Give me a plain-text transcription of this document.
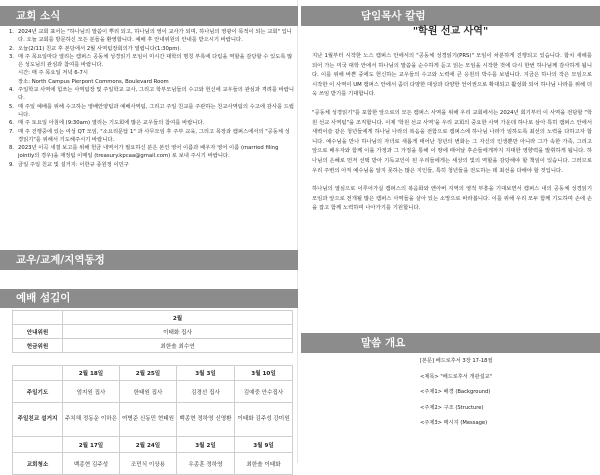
교회 소식
1. 2024년 교회 표어는 "하나님의 말씀이 뿌리 되고, 하나님의 영이 교사가 되며, 하나님의 영광이 목적이 되는 교회" 입니다. 오늘 교회를 방문하신 모든 분들을 환영합니다. 예배 후 안내위원의 안내를 받으시기 바랍니다.
2. 오늘(2/11) 친교 후 본당에서 2월 사역팀장회의가 열립니다(1:30pm).
3. 매 주 목요일마다 열리는 캠퍼스 공동체 성경읽기 모임이 미시간 대학의 명칭 부록에 다림을 역할을 감당할 수 있도록 많은 성도님의 관심과 참여를 바랍니다.
시간: 매 주 목요일 저녁 6-7시
장소: North Campus Pierpont Commons, Boulevard Room
4. 주일학교 사역에 힘쓰는 사역팀장 및 주일학교 교사, 그리고 학부모님들의 수고와 헌신에 교우들의 관심과 격려를 바랍니다.
5. 매 주일 예배를 위해 수고하는 영배안양팀과 예배사역팀, 그리고 주일 친교를 주관하는 친교사역팀의 수고에 감사를 드립니다.
6. 매 주 토요일 아침에 (9:30am) 열리는 기도회에 많은 교우들의 참여를 바랍니다.
7. 매 주 진행중에 있는 여성 QT 모임, "소요리문답 1" 과 사무모임 후 주부 교육, 그리고 목장과 캠퍼스에서의 "공동체 성경읽기"를 위해서 기도해주시기 바랍니다.
8. 2023년 이곡 새결 보고를 위해 헌금 내역서가 필요하신 분은 본인 영어 이름과 배우자 영어 이름 (married filing jointly의 경우)을 재정팀 이메일 (treasury.kpcaa@gmail.com) 로 보내 주시기 바랍니다.
9. 금일 주일 친교 및 설거지: 이한규 종원정 이민구
교우/교계/지역동정
예배 섬김이
	2월			
안내위원	이태화 집사			
헌금위원	최한솔 최수연			

	2월 18일	2월 25일	3월 3일	3월 10일
주일기도	엄지원 집사	한태원 집사	김경선 집사	김예중 안수집사
주일친교 설거지	주치해 정동운 이하은	여병준 신동민 현태원	백종현 정하영 신영환	이태화 김주성 강미원
	2월 17일	2월 24일	3월 2일	3월 9일
교회청소	백종현 김주성	조민식 이상용	우종훈 정하영	최한솔 이태화
담임목사 칼럼
"학원 선교 사역"

지난 1월부터 시작한 노스 캠퍼스 안에서의 "공동체 성경읽기(PRS)" 모임이 차분하게 진행되고 있습니다. 합치 새해를 되어 가는 미국 대학 안에서 하나님의 말씀을 순수하게 듣고 읽는 모임을 시작한 것에 다시 한번 하나님께 감사하게 됩니다. 이를 위해 바쁜 중에도 헌신하는 교우들의 수고와 노력에 큰 응원의 박수를 보냅니다. 지금은 하나의 작은 모임으로 시작한 이 사역이 UM 캠퍼스 안에서 좀더 다양한 대상과 다양한 언어권으로 확대되고 활성화 되어 하나님 나라를 위해 더욱 쓰임 받기를 기대합니다.

"공동체 성경읽기"를 포함한 앞으로의 모든 캠퍼스 사역을 위해 우리 교회에서는 2024년 회기부터 이 사역을 전담할 "학원 선교 사역팀"을 조직합니다. 이제 '학원 선교 사역'을 우리 교회의 중요한 사역 가운데 하나로 삼아 특히 캠퍼스 안에서 새벽이슬 같은 청년들에게 하나님 나라의 복음을 전함으로 캠퍼스에 하나님 나라가 임하도록 최선의 노력을 다하고자 합니다. 예수님을 만나 하나님의 자녀로 새롭게 태어난 청년의 변화는 그 자신의 인생뿐만 아니라 그가 속한 가족, 그리고 앞으로 배우자와 함께 이룰 가정과 그 가정을 통해 이 땅에 태어날 후손들에게까지 지대한 영향력을 발휘하게 됩니다. 하나님의 은혜로 먼저 선택 받아 기독교인이 된 우리들에게는 세상의 빛의 역할을 감당해야 할 책임이 있습니다. 그러므로 우리 주변의 아직 예수님을 알지 못하는 많은 지인들, 특히 청년들을 전도하는 데 최선을 다해야 할 것입니다.

하나님의 열심으로 이루어가실 캠퍼스의 복음화와 앤아버 지역의 영적 부흥을 기대보면서 캠퍼스 내의 공동체 성경읽기 모임과 앞으로 전개될 많은 캠퍼스 사역들을 살아 있는 소망으로 바라봅니다. 이를 위해 우리 모두 함께 기도하며 손에 손을 잡고 함께 노력하며 나아가기를 기원합니다.

말씀 개요
[본문] 베드로후서 3장 17-18절
<제목> "베드로후서 개관설교"
<주제1> 배경 (Background)
<주제2> 구조 (Structure)
<주제3> 메시지 (Message)
